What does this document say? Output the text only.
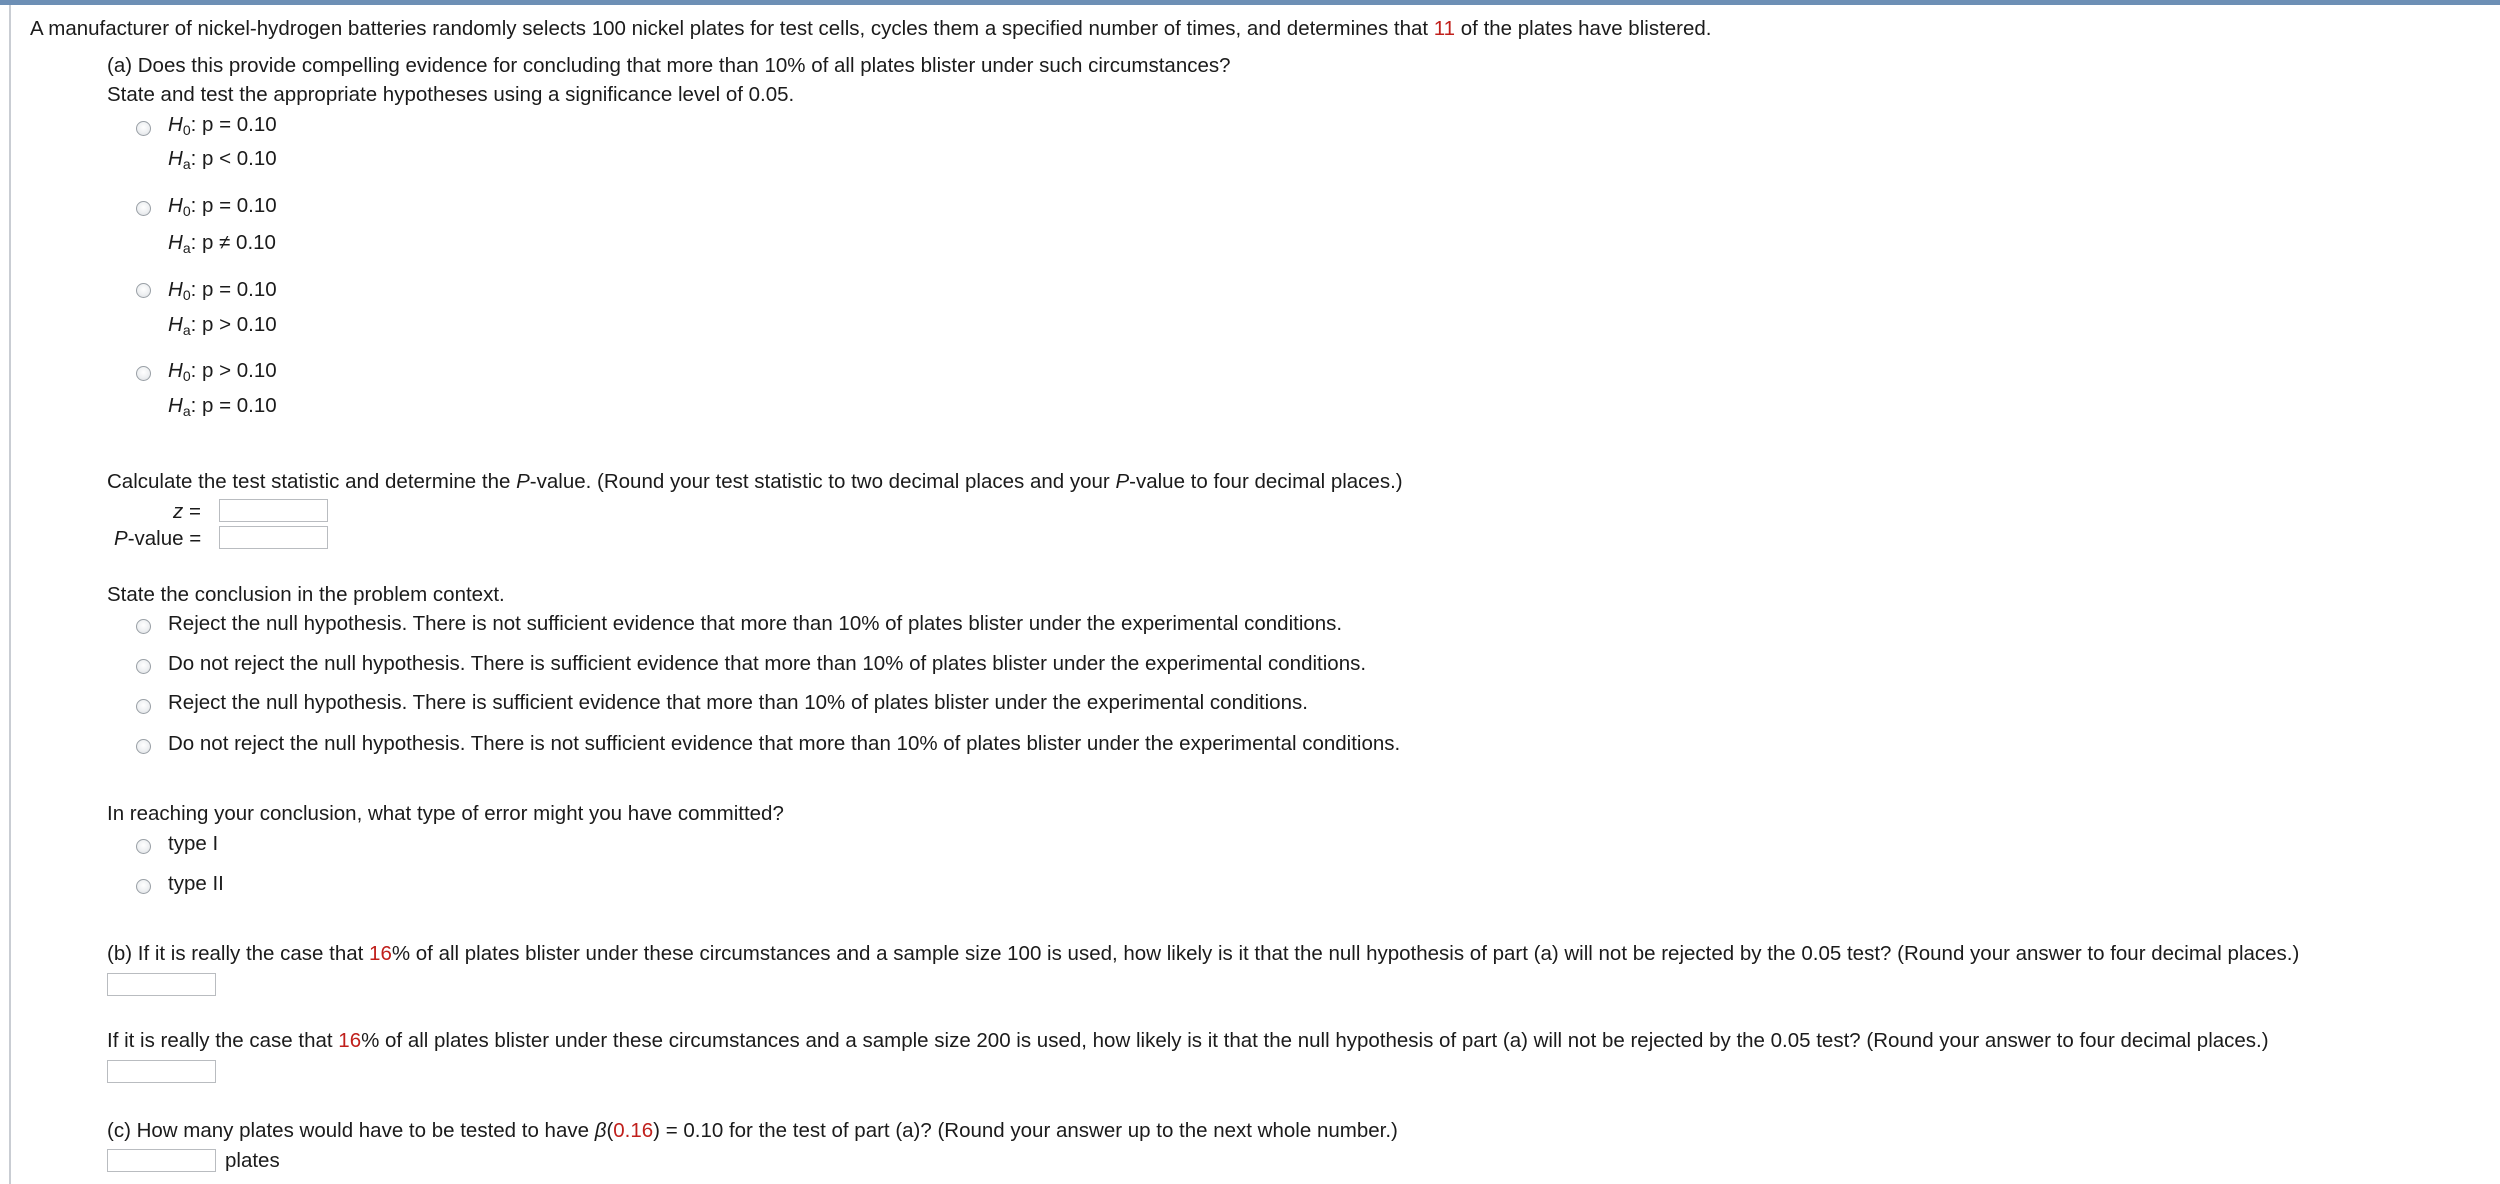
A manufacturer of nickel-hydrogen batteries randomly selects 100 nickel plates for test cells, cycles them a specified number of times, and determines that 11 of the plates have blistered.
(a) Does this provide compelling evidence for concluding that more than 10% of all plates blister under such circumstances?
State and test the appropriate hypotheses using a significance level of 0.05.
$H_0$: p = 0.10
$H_a$: p < 0.10
$H_0$: p = 0.10
$H_a$: p ≠ 0.10
$H_0$: p = 0.10
$H_a$: p > 0.10
$H_0$: p > 0.10
$H_a$: p = 0.10
Calculate the test statistic and determine the P-value. (Round your test statistic to two decimal places and your P-value to four decimal places.)
z =
P-value =
State the conclusion in the problem context.
Reject the null hypothesis. There is not sufficient evidence that more than 10% of plates blister under the experimental conditions.
Do not reject the null hypothesis. There is sufficient evidence that more than 10% of plates blister under the experimental conditions.
Reject the null hypothesis. There is sufficient evidence that more than 10% of plates blister under the experimental conditions.
Do not reject the null hypothesis. There is not sufficient evidence that more than 10% of plates blister under the experimental conditions.
In reaching your conclusion, what type of error might you have committed?
type I
type II
(b) If it is really the case that 16% of all plates blister under these circumstances and a sample size 100 is used, how likely is it that the null hypothesis of part (a) will not be rejected by the 0.05 test? (Round your answer to four decimal places.)
If it is really the case that 16% of all plates blister under these circumstances and a sample size 200 is used, how likely is it that the null hypothesis of part (a) will not be rejected by the 0.05 test? (Round your answer to four decimal places.)
(c) How many plates would have to be tested to have β(0.16) = 0.10 for the test of part (a)? (Round your answer up to the next whole number.)
plates
